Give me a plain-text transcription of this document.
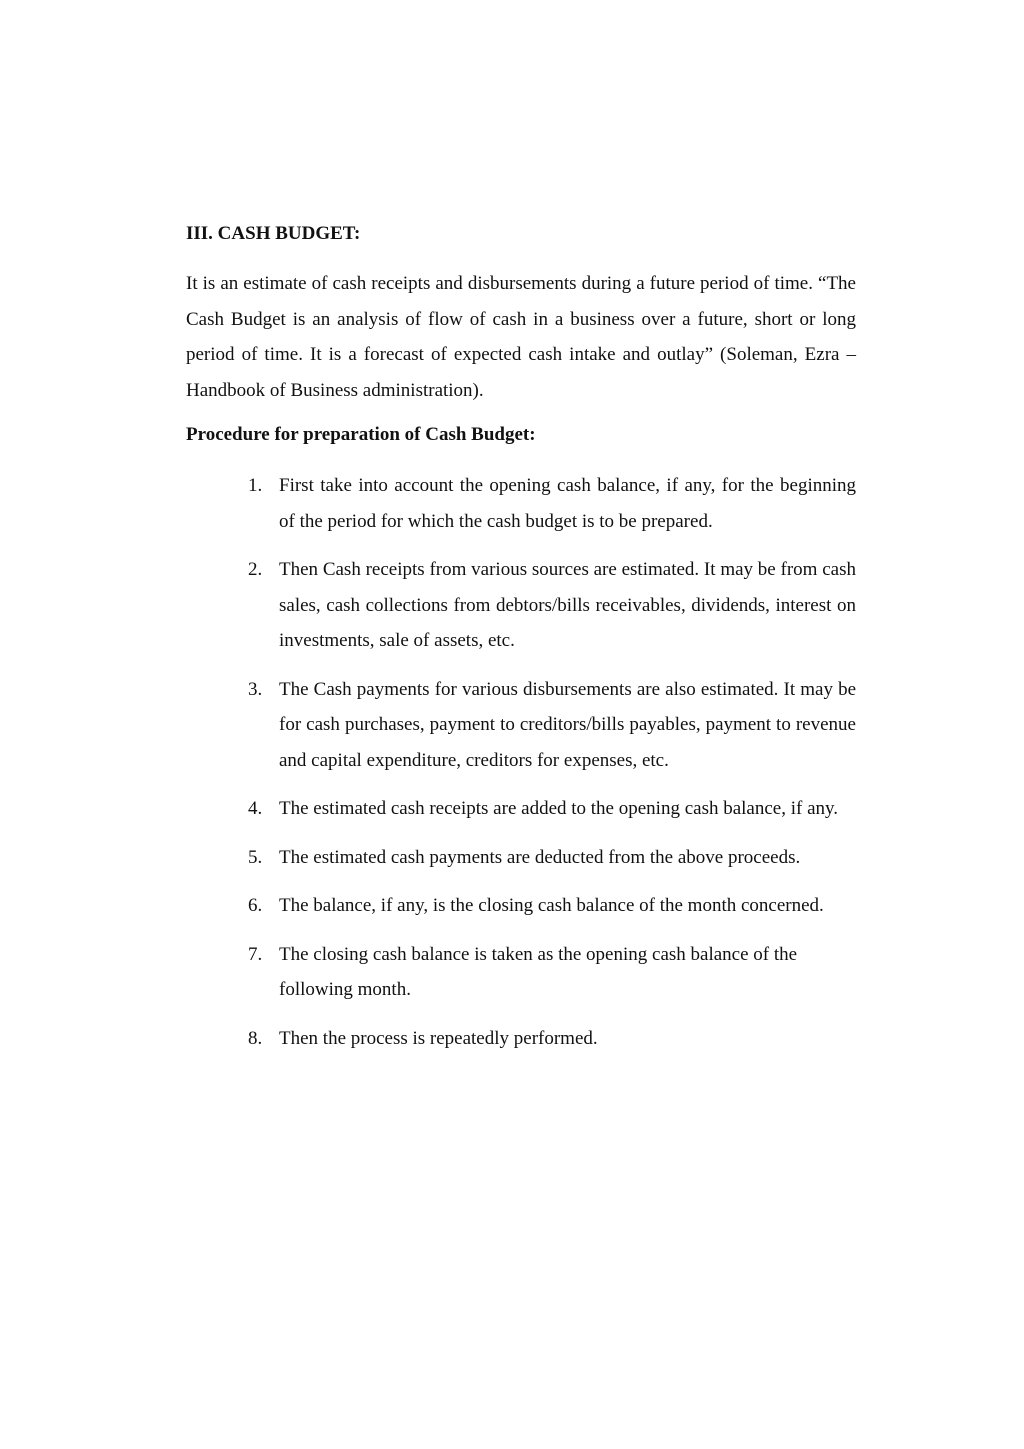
III. CASH BUDGET:

It is an estimate of cash receipts and disbursements during a future period of time. “The Cash Budget is an analysis of flow of cash in a business over a future, short or long period of time. It is a forecast of expected cash intake and outlay” (Soleman, Ezra – Handbook of Business administration).

Procedure for preparation of Cash Budget:
1. First take into account the opening cash balance, if any, for the beginning of the period for which the cash budget is to be prepared.
2. Then Cash receipts from various sources are estimated. It may be from cash sales, cash collections from debtors/bills receivables, dividends, interest on investments, sale of assets, etc.
3. The Cash payments for various disbursements are also estimated. It may be for cash purchases, payment to creditors/bills payables, payment to revenue and capital expenditure, creditors for expenses, etc.
4. The estimated cash receipts are added to the opening cash balance, if any.
5. The estimated cash payments are deducted from the above proceeds.
6. The balance, if any, is the closing cash balance of the month concerned.
7. The closing cash balance is taken as the opening cash balance of the following month.
8. Then the process is repeatedly performed.
